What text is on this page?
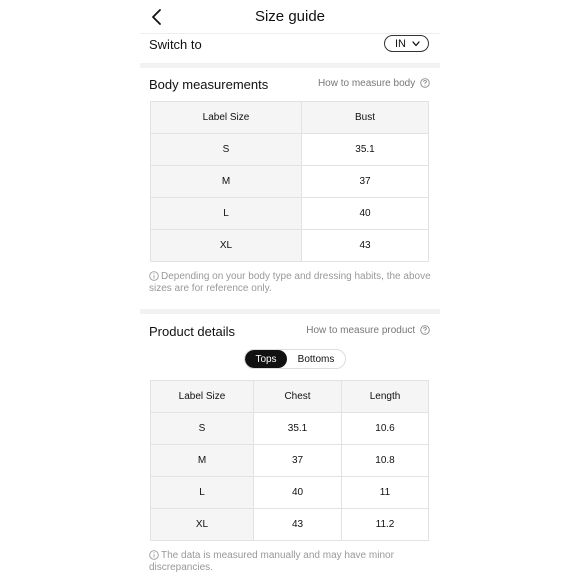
Size guide
Switch to	IN
Body measurements	How to measure body
Label Size	Bust
S	35.1
M	37
L	40
XL	43
Depending on your body type and dressing habits, the above sizes are for reference only.
Product details	How to measure product
Tops	Bottoms
Label Size	Chest	Length
S	35.1	10.6
M	37	10.8
L	40	11
XL	43	11.2
The data is measured manually and may have minor discrepancies.
